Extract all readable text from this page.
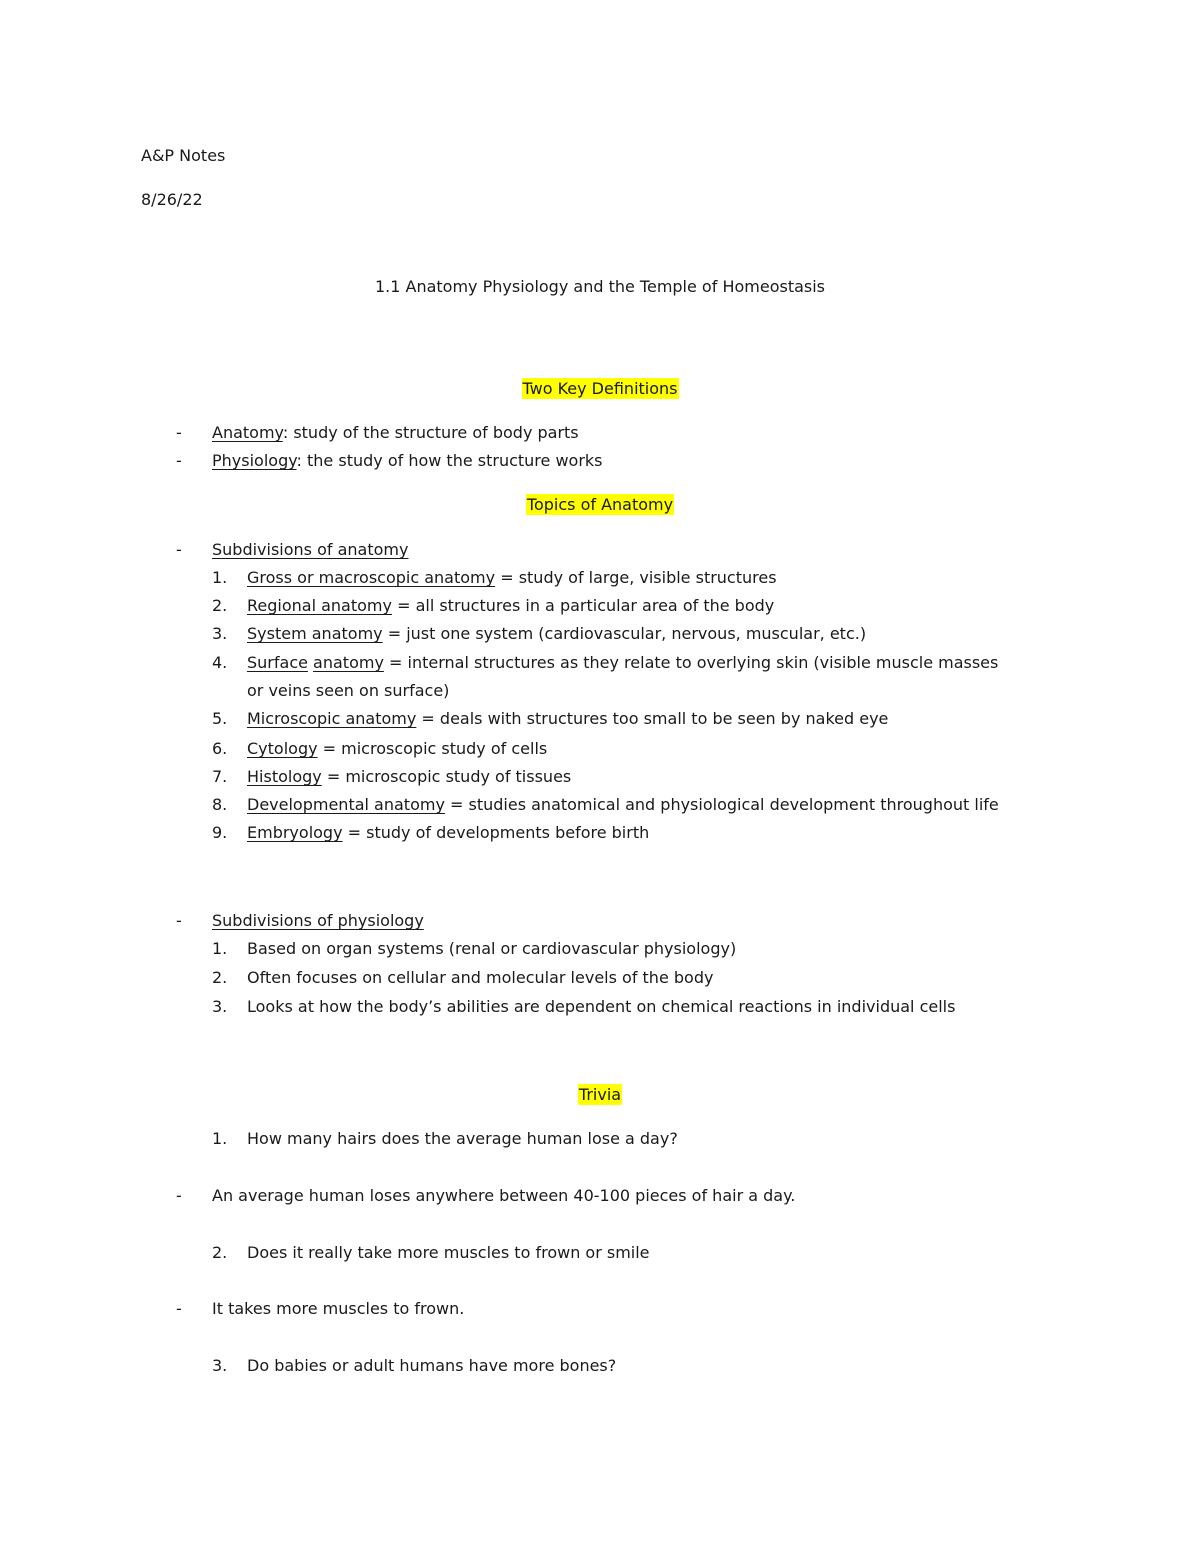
A&P Notes
8/26/22
1.1 Anatomy Physiology and the Temple of Homeostasis
Two Key Definitions
- Anatomy: study of the structure of body parts
- Physiology: the study of how the structure works
Topics of Anatomy
- Subdivisions of anatomy
1. Gross or macroscopic anatomy = study of large, visible structures
2. Regional anatomy = all structures in a particular area of the body
3. System anatomy = just one system (cardiovascular, nervous, muscular, etc.)
4. Surface anatomy = internal structures as they relate to overlying skin (visible muscle masses
or veins seen on surface)
5. Microscopic anatomy = deals with structures too small to be seen by naked eye
6. Cytology = microscopic study of cells
7. Histology = microscopic study of tissues
8. Developmental anatomy = studies anatomical and physiological development throughout life
9. Embryology = study of developments before birth
- Subdivisions of physiology
1. Based on organ systems (renal or cardiovascular physiology)
2. Often focuses on cellular and molecular levels of the body
3. Looks at how the body’s abilities are dependent on chemical reactions in individual cells
Trivia
1. How many hairs does the average human lose a day?
- An average human loses anywhere between 40-100 pieces of hair a day.
2. Does it really take more muscles to frown or smile
- It takes more muscles to frown.
3. Do babies or adult humans have more bones?
